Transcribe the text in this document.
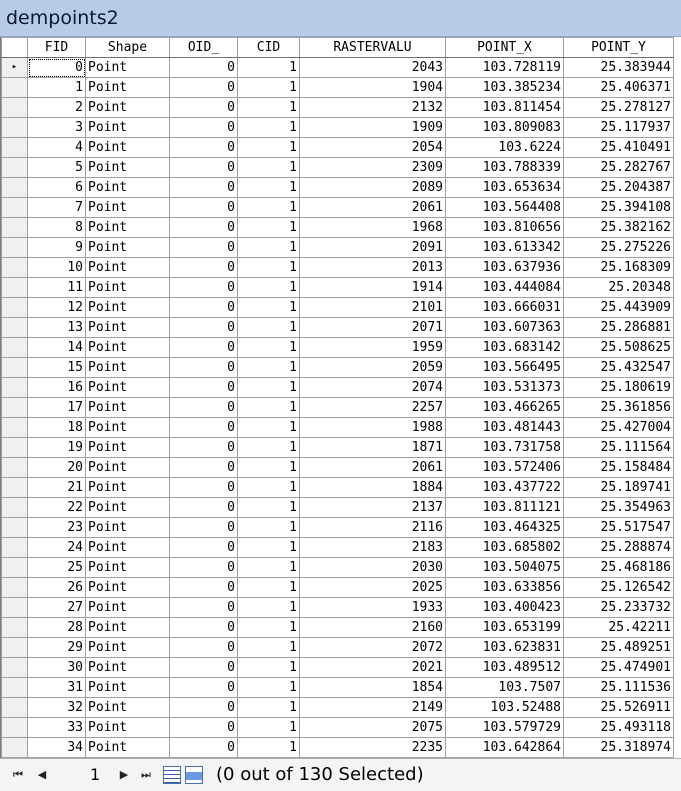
dempoints2
	FID	Shape	OID_	CID	RASTERVALU	POINT_X	POINT_Y
▸	0	Point	0	1	2043	103.728119	25.383944
	1	Point	0	1	1904	103.385234	25.406371
	2	Point	0	1	2132	103.811454	25.278127
	3	Point	0	1	1909	103.809083	25.117937
	4	Point	0	1	2054	103.6224	25.410491
	5	Point	0	1	2309	103.788339	25.282767
	6	Point	0	1	2089	103.653634	25.204387
	7	Point	0	1	2061	103.564408	25.394108
	8	Point	0	1	1968	103.810656	25.382162
	9	Point	0	1	2091	103.613342	25.275226
	10	Point	0	1	2013	103.637936	25.168309
	11	Point	0	1	1914	103.444084	25.20348
	12	Point	0	1	2101	103.666031	25.443909
	13	Point	0	1	2071	103.607363	25.286881
	14	Point	0	1	1959	103.683142	25.508625
	15	Point	0	1	2059	103.566495	25.432547
	16	Point	0	1	2074	103.531373	25.180619
	17	Point	0	1	2257	103.466265	25.361856
	18	Point	0	1	1988	103.481443	25.427004
	19	Point	0	1	1871	103.731758	25.111564
	20	Point	0	1	2061	103.572406	25.158484
	21	Point	0	1	1884	103.437722	25.189741
	22	Point	0	1	2137	103.811121	25.354963
	23	Point	0	1	2116	103.464325	25.517547
	24	Point	0	1	2183	103.685802	25.288874
	25	Point	0	1	2030	103.504075	25.468186
	26	Point	0	1	2025	103.633856	25.126542
	27	Point	0	1	1933	103.400423	25.233732
	28	Point	0	1	2160	103.653199	25.42211
	29	Point	0	1	2072	103.623831	25.489251
	30	Point	0	1	2021	103.489512	25.474901
	31	Point	0	1	1854	103.7507	25.111536
	32	Point	0	1	2149	103.52488	25.526911
	33	Point	0	1	2075	103.579729	25.493118
	34	Point	0	1	2235	103.642864	25.318974
⏮	◀	1	▶	⏭	(0 out of 130 Selected)
